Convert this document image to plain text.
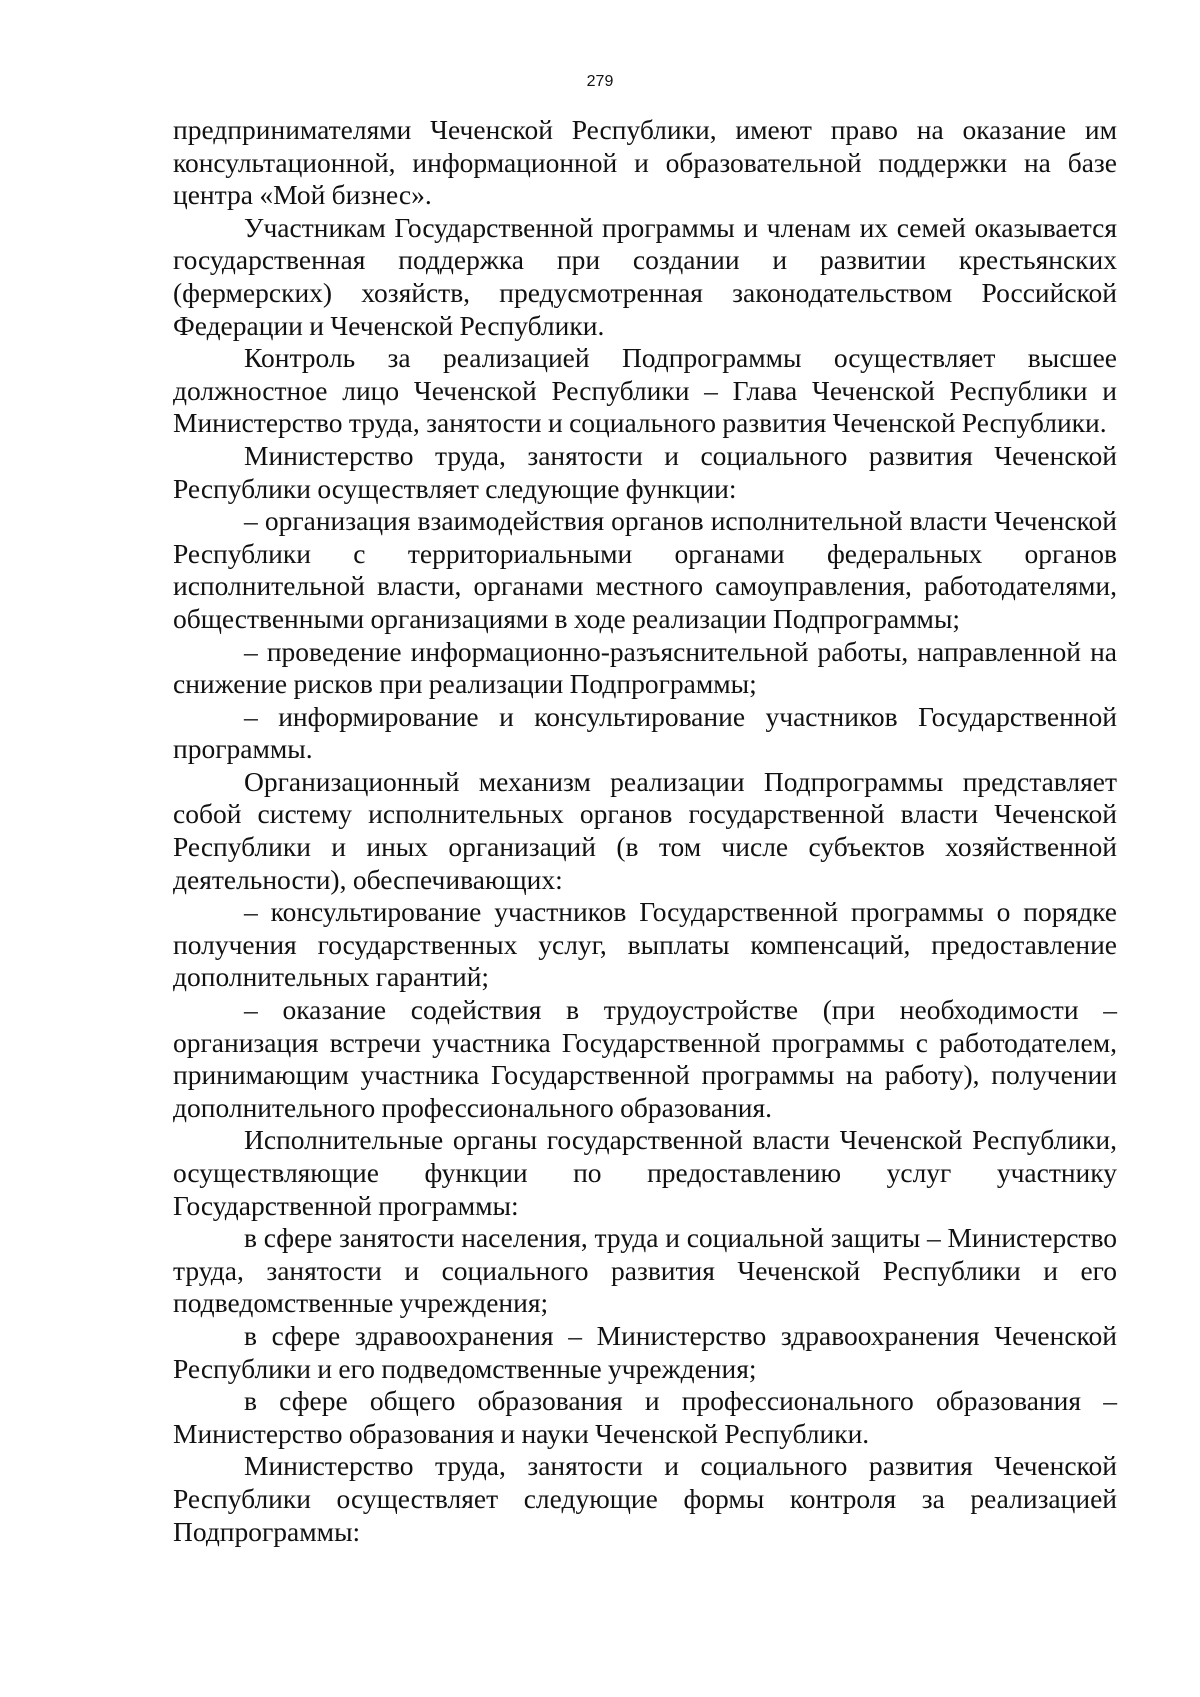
279

предпринимателями Чеченской Республики, имеют право на оказание им консультационной, информационной и образовательной поддержки на базе центра «Мой бизнес».

Участникам Государственной программы и членам их семей оказывается государственная поддержка при создании и развитии крестьянских (фермерских) хозяйств, предусмотренная законодательством Российской Федерации и Чеченской Республики.

Контроль за реализацией Подпрограммы осуществляет высшее должностное лицо Чеченской Республики – Глава Чеченской Республики и Министерство труда, занятости и социального развития Чеченской Республики.

Министерство труда, занятости и социального развития Чеченской Республики осуществляет следующие функции:

– организация взаимодействия органов исполнительной власти Чеченской Республики с территориальными органами федеральных органов исполнительной власти, органами местного самоуправления, работодателями, общественными организациями в ходе реализации Подпрограммы;

– проведение информационно-разъяснительной работы, направленной на снижение рисков при реализации Подпрограммы;

– информирование и консультирование участников Государственной программы.

Организационный механизм реализации Подпрограммы представляет собой систему исполнительных органов государственной власти Чеченской Республики и иных организаций (в том числе субъектов хозяйственной деятельности), обеспечивающих:

– консультирование участников Государственной программы о порядке получения государственных услуг, выплаты компенсаций, предоставление дополнительных гарантий;

– оказание содействия в трудоустройстве (при необходимости – организация встречи участника Государственной программы с работодателем, принимающим участника Государственной программы на работу), получении дополнительного профессионального образования.

Исполнительные органы государственной власти Чеченской Республики, осуществляющие функции по предоставлению услуг участнику Государственной программы:

в сфере занятости населения, труда и социальной защиты – Министерство труда, занятости и социального развития Чеченской Республики и его подведомственные учреждения;

в сфере здравоохранения – Министерство здравоохранения Чеченской Республики и его подведомственные учреждения;

в сфере общего образования и профессионального образования – Министерство образования и науки Чеченской Республики.

Министерство труда, занятости и социального развития Чеченской Республики осуществляет следующие формы контроля за реализацией Подпрограммы:
